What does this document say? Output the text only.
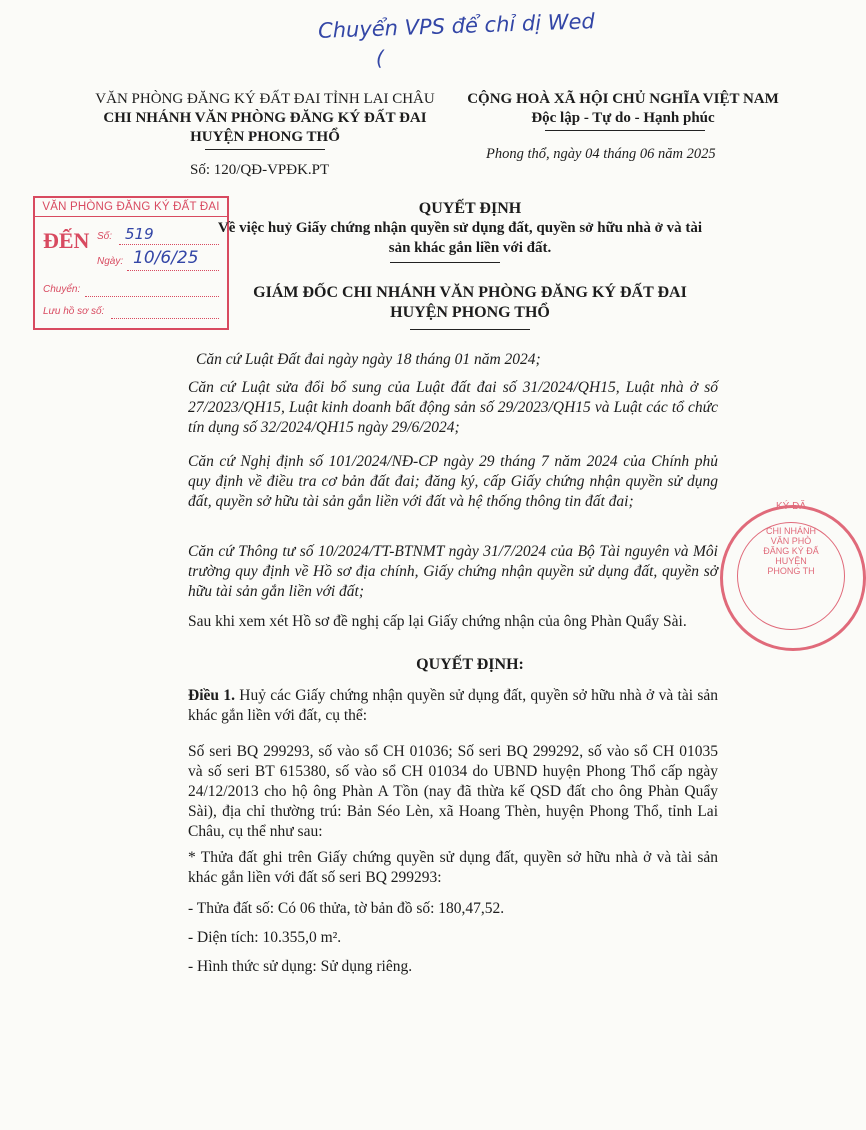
Chuyển VPS để chỉ dị Wed
(
VĂN PHÒNG ĐĂNG KÝ ĐẤT ĐAI TỈNH LAI CHÂU
CHI NHÁNH VĂN PHÒNG ĐĂNG KÝ ĐẤT ĐAI
HUYỆN PHONG THỔ
Số: 120/QĐ-VPĐK.PT
CỘNG HOÀ XÃ HỘI CHỦ NGHĨA VIỆT NAM
Độc lập - Tự do - Hạnh phúc
Phong thổ, ngày 04 tháng 06 năm 2025
VĂN PHÒNG ĐĂNG KÝ ĐẤT ĐAI
ĐẾN Số: 519
Ngày: 10/6/25
Chuyển:
Lưu hồ sơ số:
QUYẾT ĐỊNH
Về việc huỷ Giấy chứng nhận quyền sử dụng đất, quyền sở hữu nhà ở và tài
sản khác gắn liền với đất.
GIÁM ĐỐC CHI NHÁNH VĂN PHÒNG ĐĂNG KÝ ĐẤT ĐAI
HUYỆN PHONG THỔ
Căn cứ Luật Đất đai ngày ngày 18 tháng 01 năm 2024;
Căn cứ Luật sửa đổi bổ sung của Luật đất đai số 31/2024/QH15, Luật nhà ở số 27/2023/QH15, Luật kinh doanh bất động sản số 29/2023/QH15 và Luật các tổ chức tín dụng số 32/2024/QH15 ngày 29/6/2024;
Căn cứ Nghị định số 101/2024/NĐ-CP ngày 29 tháng 7 năm 2024 của Chính phủ quy định về điều tra cơ bản đất đai; đăng ký, cấp Giấy chứng nhận quyền sử dụng đất, quyền sở hữu tài sản gắn liền với đất và hệ thống thông tin đất đai;
Căn cứ Thông tư số 10/2024/TT-BTNMT ngày 31/7/2024 của Bộ Tài nguyên và Môi trường quy định về Hồ sơ địa chính, Giấy chứng nhận quyền sử dụng đất, quyền sở hữu tài sản gắn liền với đất;
Sau khi xem xét Hồ sơ đề nghị cấp lại Giấy chứng nhận của ông Phàn Quẩy Sài.
QUYẾT ĐỊNH:
Điều 1. Huỷ các Giấy chứng nhận quyền sử dụng đất, quyền sở hữu nhà ở và tài sản khác gắn liền với đất, cụ thể:
Số seri BQ 299293, số vào sổ CH 01036; Số seri BQ 299292, số vào sổ CH 01035 và số seri BT 615380, số vào sổ CH 01034 do UBND huyện Phong Thổ cấp ngày 24/12/2013 cho hộ ông Phàn A Tồn (nay đã thừa kế QSD đất cho ông Phàn Quẩy Sài), địa chỉ thường trú: Bản Séo Lèn, xã Hoang Thèn, huyện Phong Thổ, tỉnh Lai Châu, cụ thể như sau:
* Thửa đất ghi trên Giấy chứng quyền sử dụng đất, quyền sở hữu nhà ở và tài sản khác gắn liền với đất số seri BQ 299293:
- Thửa đất số: Có 06 thửa, tờ bản đồ số: 180,47,52.
- Diện tích: 10.355,0 m².
- Hình thức sử dụng: Sử dụng riêng.
KÝ ĐĂ
CHI NHÁNH
VĂN PHÒ
ĐĂNG KÝ ĐẤ
HUYỆN
PHONG TH
